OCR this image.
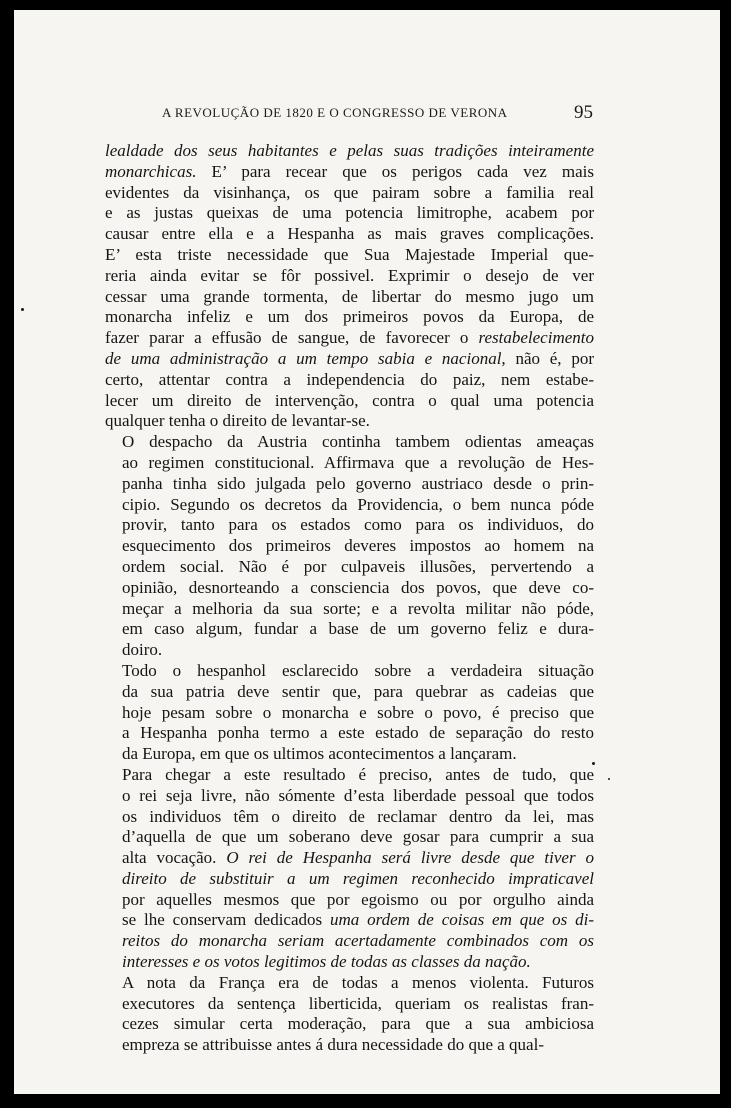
A REVOLUÇÃO DE 1820 E O CONGRESSO DE VERONA	95

lealdade dos seus habitantes e pelas suas tradições inteiramente
monarchicas. E’ para recear que os perigos cada vez mais
evidentes da visinhança, os que pairam sobre a familia real
e as justas queixas de uma potencia limitrophe, acabem por
causar entre ella e a Hespanha as mais graves complicações.
E’ esta triste necessidade que Sua Majestade Imperial que-
reria ainda evitar se fôr possivel. Exprimir o desejo de ver
cessar uma grande tormenta, de libertar do mesmo jugo um
monarcha infeliz e um dos primeiros povos da Europa, de
fazer parar a effusão de sangue, de favorecer o restabelecimento
de uma administração a um tempo sabia e nacional, não é, por
certo, attentar contra a independencia do paiz, nem estabe-
lecer um direito de intervenção, contra o qual uma potencia
qualquer tenha o direito de levantar-se.

O despacho da Austria continha tambem odientas ameaças
ao regimen constitucional. Affirmava que a revolução de Hes-
panha tinha sido julgada pelo governo austriaco desde o prin-
cipio. Segundo os decretos da Providencia, o bem nunca póde
provir, tanto para os estados como para os individuos, do
esquecimento dos primeiros deveres impostos ao homem na
ordem social. Não é por culpaveis illusões, pervertendo a
opinião, desnorteando a consciencia dos povos, que deve co-
meçar a melhoria da sua sorte; e a revolta militar não póde,
em caso algum, fundar a base de um governo feliz e dura-
doiro.

Todo o hespanhol esclarecido sobre a verdadeira situação
da sua patria deve sentir que, para quebrar as cadeias que
hoje pesam sobre o monarcha e sobre o povo, é preciso que
a Hespanha ponha termo a este estado de separação do resto
da Europa, em que os ultimos acontecimentos a lançaram.

Para chegar a este resultado é preciso, antes de tudo, que
o rei seja livre, não sómente d’esta liberdade pessoal que todos
os individuos têm o direito de reclamar dentro da lei, mas
d’aquella de que um soberano deve gosar para cumprir a sua
alta vocação. O rei de Hespanha será livre desde que tiver o
direito de substituir a um regimen reconhecido impraticavel
por aquelles mesmos que por egoismo ou por orgulho ainda
se lhe conservam dedicados uma ordem de coisas em que os di-
reitos do monarcha seriam acertadamente combinados com os
interesses e os votos legitimos de todas as classes da nação.

A nota da França era de todas a menos violenta. Futuros
executores da sentença liberticida, queriam os realistas fran-
cezes simular certa moderação, para que a sua ambiciosa
empreza se attribuisse antes á dura necessidade do que a qual-
